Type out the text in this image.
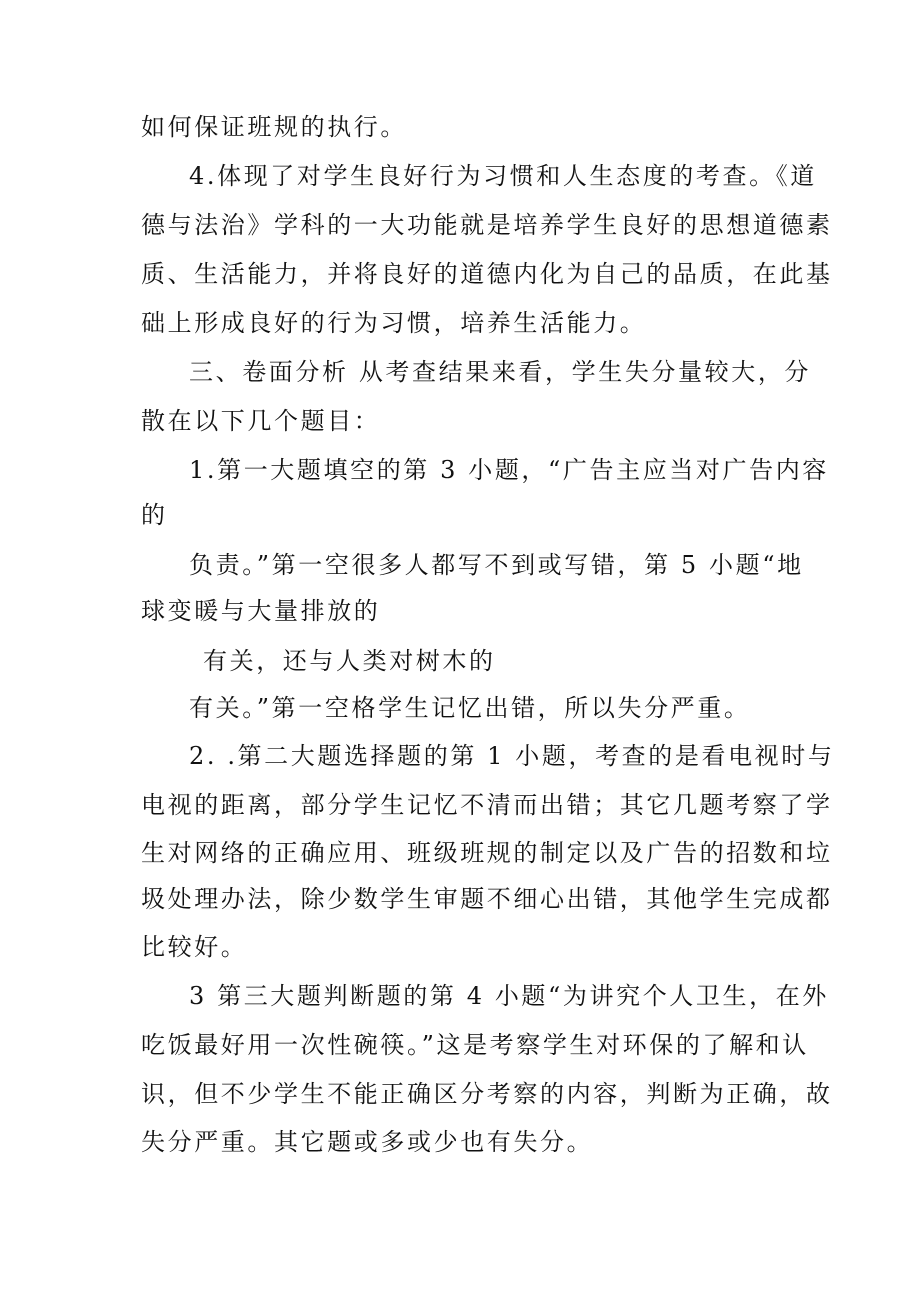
如何保证班规的执行。
4.体现了对学生良好行为习惯和人生态度的考查。《道
德与法治》学科的一大功能就是培养学生良好的思想道德素
质、生活能力，并将良好的道德内化为自己的品质，在此基
础上形成良好的行为习惯，培养生活能力。
三、卷面分析 从考查结果来看，学生失分量较大，分
散在以下几个题目：
1.第一大题填空的第 3 小题，“广告主应当对广告内容
的
负责。”第一空很多人都写不到或写错，第 5 小题“地
球变暖与大量排放的
有关，还与人类对树木的
有关。”第一空格学生记忆出错，所以失分严重。
2. .第二大题选择题的第 1 小题，考查的是看电视时与
电视的距离，部分学生记忆不清而出错；其它几题考察了学
生对网络的正确应用、班级班规的制定以及广告的招数和垃
圾处理办法，除少数学生审题不细心出错，其他学生完成都
比较好。
3 第三大题判断题的第 4 小题“为讲究个人卫生，在外
吃饭最好用一次性碗筷。”这是考察学生对环保的了解和认
识，但不少学生不能正确区分考察的内容，判断为正确，故
失分严重。其它题或多或少也有失分。
